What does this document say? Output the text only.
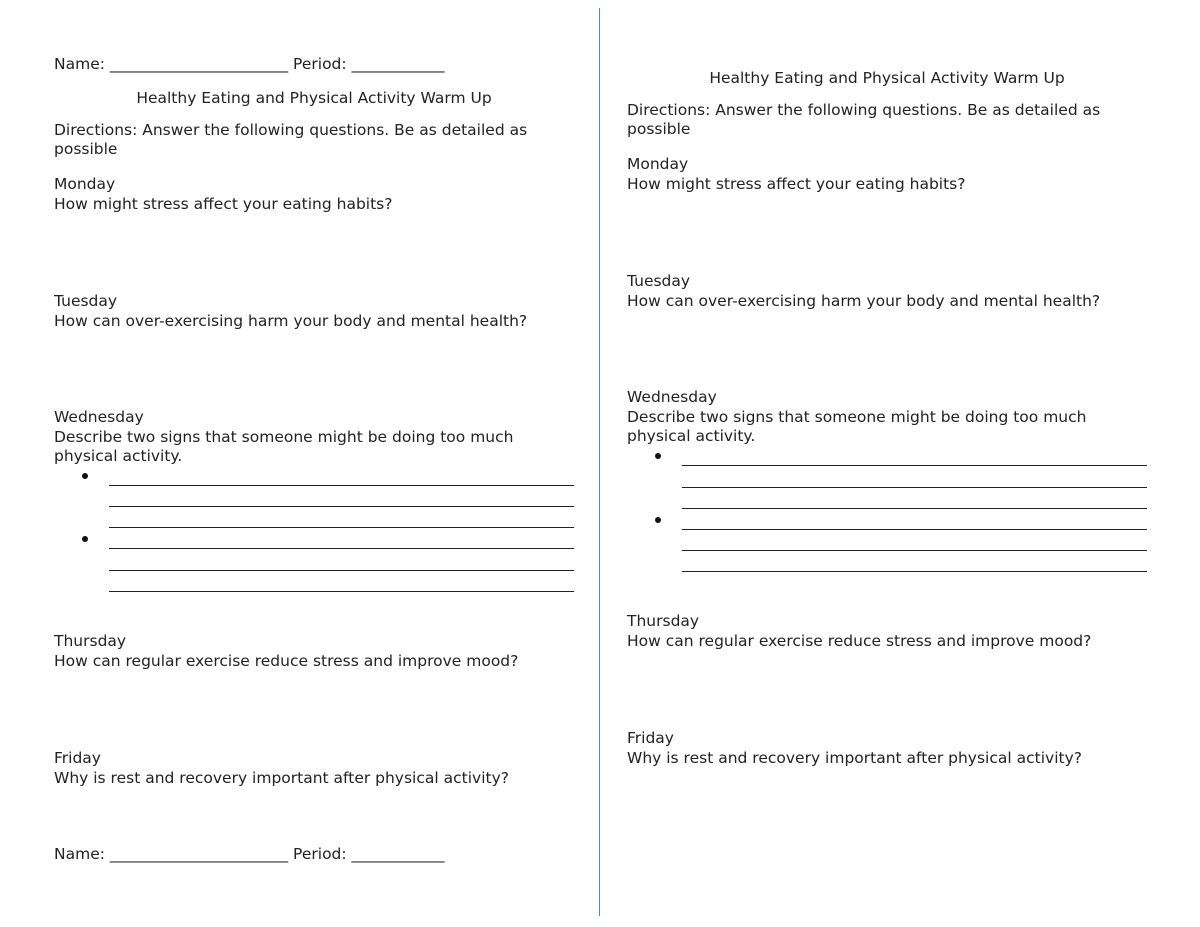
Name: _______________________ Period: ____________
Healthy Eating and Physical Activity Warm Up
Directions: Answer the following questions. Be as detailed as possible
Monday
How might stress affect your eating habits?
Tuesday
How can over-exercising harm your body and mental health?
Wednesday
Describe two signs that someone might be doing too much physical activity.
Thursday
How can regular exercise reduce stress and improve mood?
Friday
Why is rest and recovery important after physical activity?
Name: _______________________ Period: ____________
Healthy Eating and Physical Activity Warm Up
Directions: Answer the following questions. Be as detailed as possible
Monday
How might stress affect your eating habits?
Tuesday
How can over-exercising harm your body and mental health?
Wednesday
Describe two signs that someone might be doing too much physical activity.
Thursday
How can regular exercise reduce stress and improve mood?
Friday
Why is rest and recovery important after physical activity?
